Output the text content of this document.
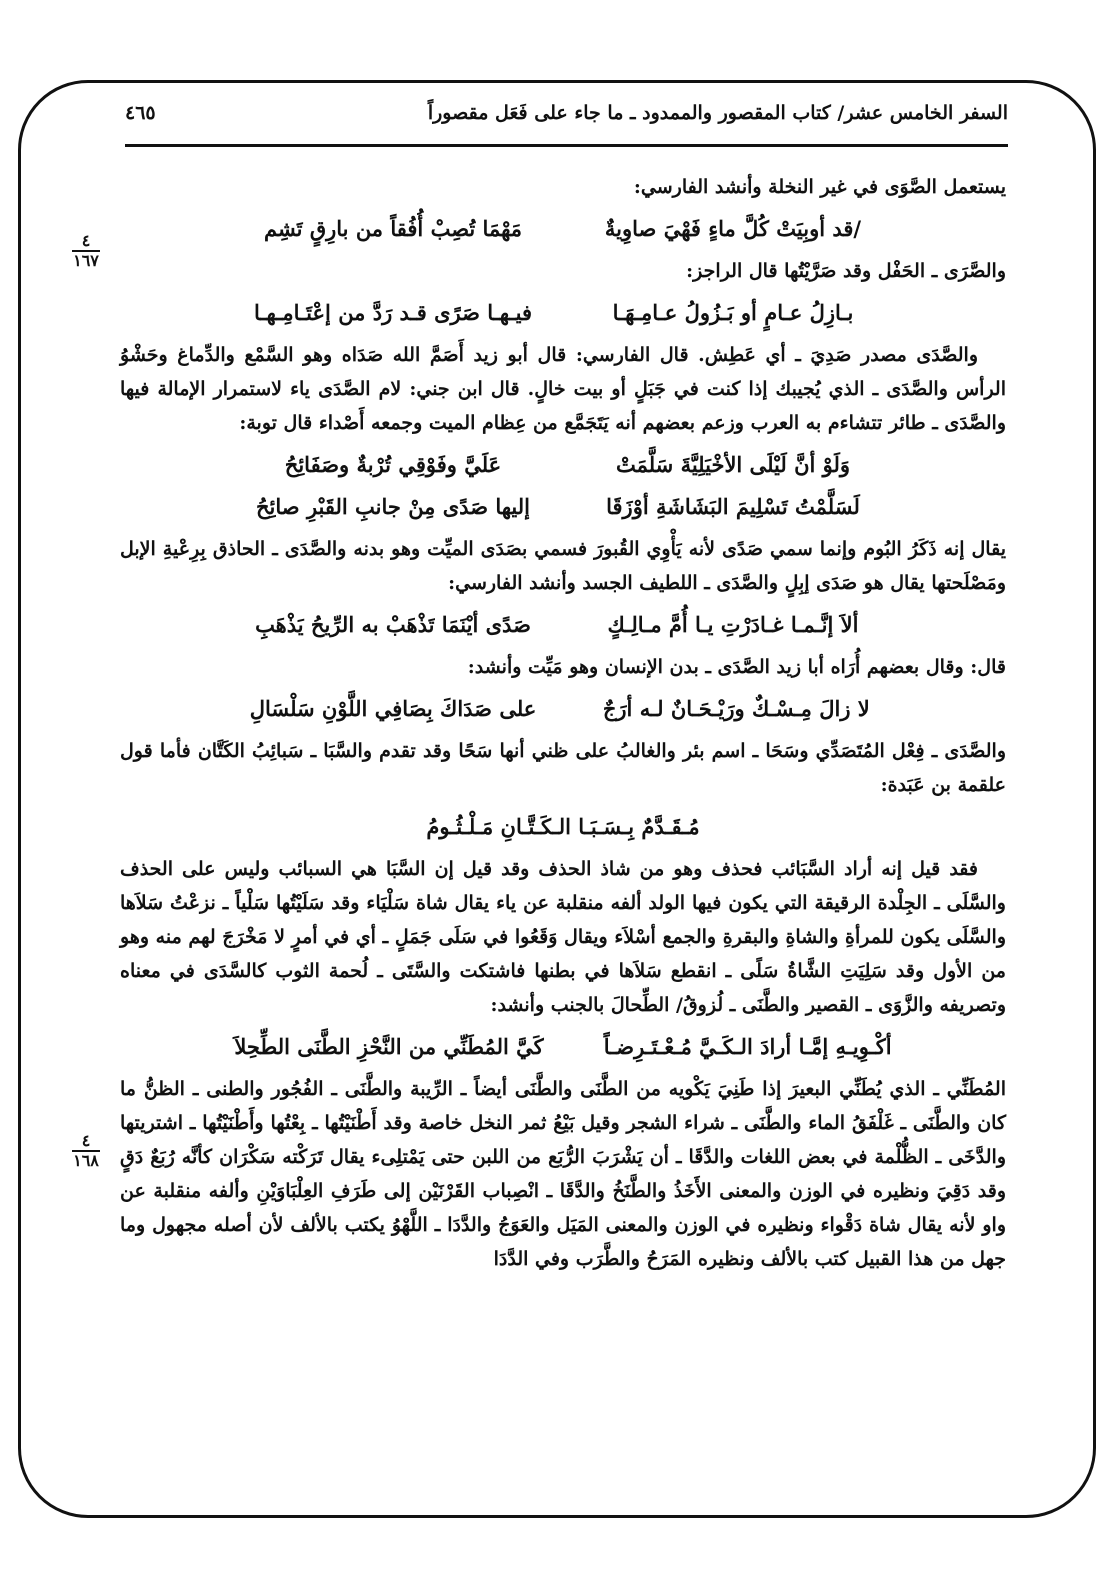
السفر الخامس عشر/ كتاب المقصور والممدود ـ ما جاء على فَعَل مقصوراً
٤٦٥
٤
١٦٧
٤
١٦٨

يستعمل الصَّوَى في غير النخلة وأنشد الفارسي:

/قد أوبِيَتْ كُلَّ ماءٍ فَهْيَ صاوِيةٌ
مَهْمَا تُصِبْ أُفُقاً من بارِقٍ تَشِم

والصَّرَى ـ الحَفْل وقد صَرَّيْتُها قال الراجز:

بـازِلُ عـامٍ أو بَـزُولُ عـامِـهَـا
فيـهـا صَرًى قـد رَدَّ من إعْتَـامِـهـا

والصَّدَى مصدر صَدِيَ ـ أي عَطِش. قال الفارسي: قال أبو زيد أَصَمَّ الله صَدَاه وهو السَّمْع والدِّماغ وحَشْوُ الرأس والصَّدَى ـ الذي يُجيبك إذا كنت في جَبَلٍ أو بيت خالٍ. قال ابن جني: لام الصَّدَى ياء لاستمرار الإمالة فيها والصَّدَى ـ طائر تتشاءم به العرب وزعم بعضهم أنه يَتَجَمَّع من عِظام الميت وجمعه أَصْداء قال توبة:

وَلَوْ أنَّ لَيْلَى الأخْيَلِيَّةَ سَلَّمَتْ
عَلَيَّ وفَوْقِي تُرْبةٌ وصَفَائِحُ
لَسَلَّمْتُ تَسْلِيمَ البَشَاشَةِ أوْزَقَا
إليها صَدًى مِنْ جانبِ القَبْرِ صائِحُ

يقال إنه ذَكَرُ البُوم وإنما سمي صَدًى لأنه يَأْوِي القُبورَ فسمي بصَدَى الميِّت وهو بدنه والصَّدَى ـ الحاذق بِرِعْيةِ الإبل ومَصْلَحتها يقال هو صَدَى إبِلٍ والصَّدَى ـ اللطيف الجسد وأنشد الفارسي:

ألاَ إنَّـمـا غـادَرْتِ يـا أُمَّ مـالِـكٍ
صَدًى أيْنَمَا تَذْهَبْ به الرِّيحُ يَذْهَبِ

قال: وقال بعضهم أُرَاه أبا زيد الصَّدَى ـ بدن الإنسان وهو مَيِّت وأنشد:

لا زالَ مِـسْـكٌ ورَيْـحَـانٌ لـه أرَجٌ
على صَدَاكَ بِصَافِي اللَّوْنِ سَلْسَالِ

والصَّدَى ـ فِعْل المُتَصَدِّي وسَحَا ـ اسم بئر والغالبُ على ظني أنها سَحًا وقد تقدم والسَّبَا ـ سَبائِبُ الكَتَّان فأما قول علقمة بن عَبَدة:

مُـقَـدَّمٌ بِـسَـبَـا الـكَـتَّـانِ مَـلْـثُـومُ

فقد قيل إنه أراد السَّبَائب فحذف وهو من شاذ الحذف وقد قيل إن السَّبَا هي السبائب وليس على الحذف والسَّلَى ـ الجِلْدة الرقيقة التي يكون فيها الولد ألفه منقلبة عن ياء يقال شاة سَلْيَاء وقد سَلَيْتُها سَلْياً ـ نزعْتُ سَلاَها والسَّلَى يكون للمرأةِ والشاةِ والبقرةِ والجمع أسْلاَء ويقال وَقَعُوا في سَلَى جَمَلٍ ـ أي في أمرٍ لا مَخْرَجَ لهم منه وهو من الأول وقد سَلِيَتِ الشَّاةُ سَلًى ـ انقطع سَلاَها في بطنها فاشتكت والسَّتَى ـ لُحمة الثوب كالسَّدَى في معناه وتصريفه والزَّوَى ـ القصير والطَّنَى ـ لُزوقُ/ الطِّحالَ بالجنب وأنشد:

أكْـوِيـهِ إمَّـا أرادَ الـكَـيَّ مُـعْـتَـرِضـاً
كَيَّ المُطَنِّي من النَّحْزِ الطَّنَى الطِّحِلاَ

المُطَنِّي ـ الذي يُطَنِّي البعيرَ إذا طَنِيَ يَكْويه من الطَّنَى والطَّنَى أيضاً ـ الرِّيبة والطَّنَى ـ الفُجُور والطنى ـ الظنُّ ما كان والطَّنَى ـ غَلْفَقُ الماء والطَّنَى ـ شراء الشجر وقيل بَيْعُ ثمر النخل خاصة وقد أَطْنَيْتُها ـ بِعْتُها وأَطْنَيْتُها ـ اشتريتها والدَّخَى ـ الظُّلْمة في بعض اللغات والدَّقَا ـ أن يَشْرَبَ الرُّبَع من اللبن حتى يَمْتلِىء يقال تَرَكْته سَكْرَان كأنَّه رُبَعٌ دَقٍ وقد دَقِيَ ونظيره في الوزن والمعنى الأَخَذُ والطَّنَخُ والدَّقَا ـ انْصِباب القَرْنَيْن إلى طَرَفِ العِلْبَاوَيْنِ وألفه منقلبة عن واو لأنه يقال شاة دَقْواء ونظيره في الوزن والمعنى المَيَل والعَوَجُ والدَّدَا ـ اللَّهْوُ يكتب بالألف لأن أصله مجهول وما جهل من هذا القبيل كتب بالألف ونظيره المَرَحُ والطَّرَب وفي الدَّدَا
